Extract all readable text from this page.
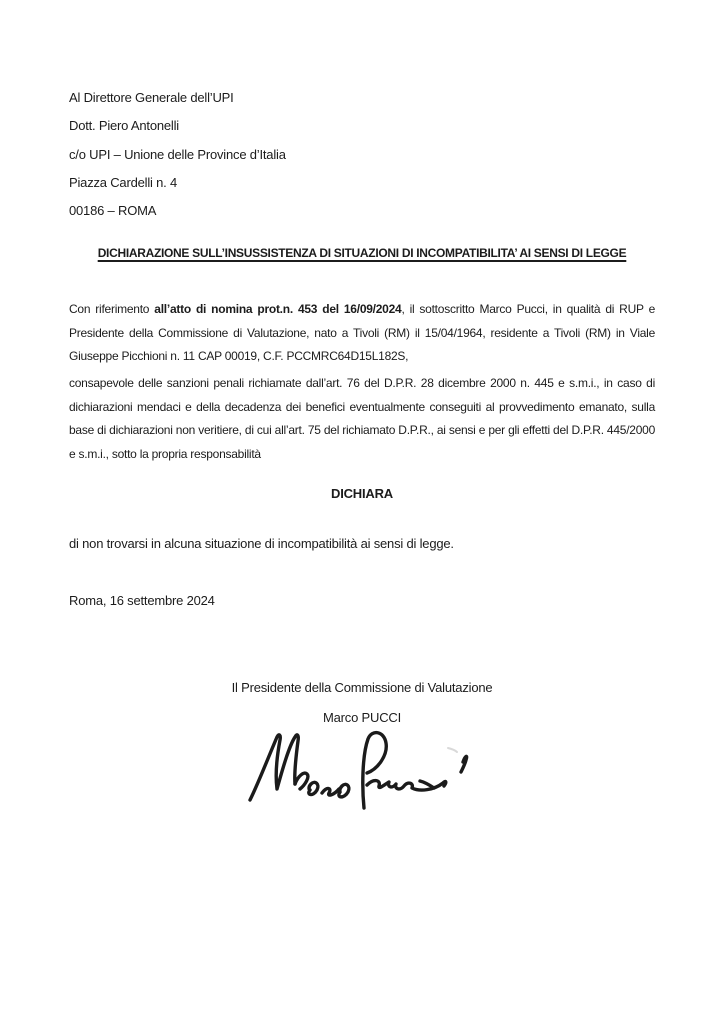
Al Direttore Generale dell’UPI

Dott. Piero Antonelli

c/o UPI – Unione delle Province d’Italia

Piazza Cardelli n. 4

00186 – ROMA

DICHIARAZIONE SULL’INSUSSISTENZA DI SITUAZIONI DI INCOMPATIBILITA’ AI SENSI DI LEGGE

Con riferimento all’atto di nomina prot.n. 453 del 16/09/2024, il sottoscritto Marco Pucci, in qualità di RUP e Presidente della Commissione di Valutazione, nato a Tivoli (RM) il 15/04/1964, residente a Tivoli (RM) in Viale Giuseppe Picchioni n. 11 CAP 00019, C.F. PCCMRC64D15L182S,

consapevole delle sanzioni penali richiamate dall’art. 76 del D.P.R. 28 dicembre 2000 n. 445 e s.m.i., in caso di dichiarazioni mendaci e della decadenza dei benefici eventualmente conseguiti al provvedimento emanato, sulla base di dichiarazioni non veritiere, di cui all’art. 75 del richiamato D.P.R., ai sensi e per gli effetti del D.P.R. 445/2000 e s.m.i., sotto la propria responsabilità

DICHIARA

di non trovarsi in alcuna situazione di incompatibilità ai sensi di legge.

Roma, 16 settembre 2024

Il Presidente della Commissione di Valutazione

Marco PUCCI
